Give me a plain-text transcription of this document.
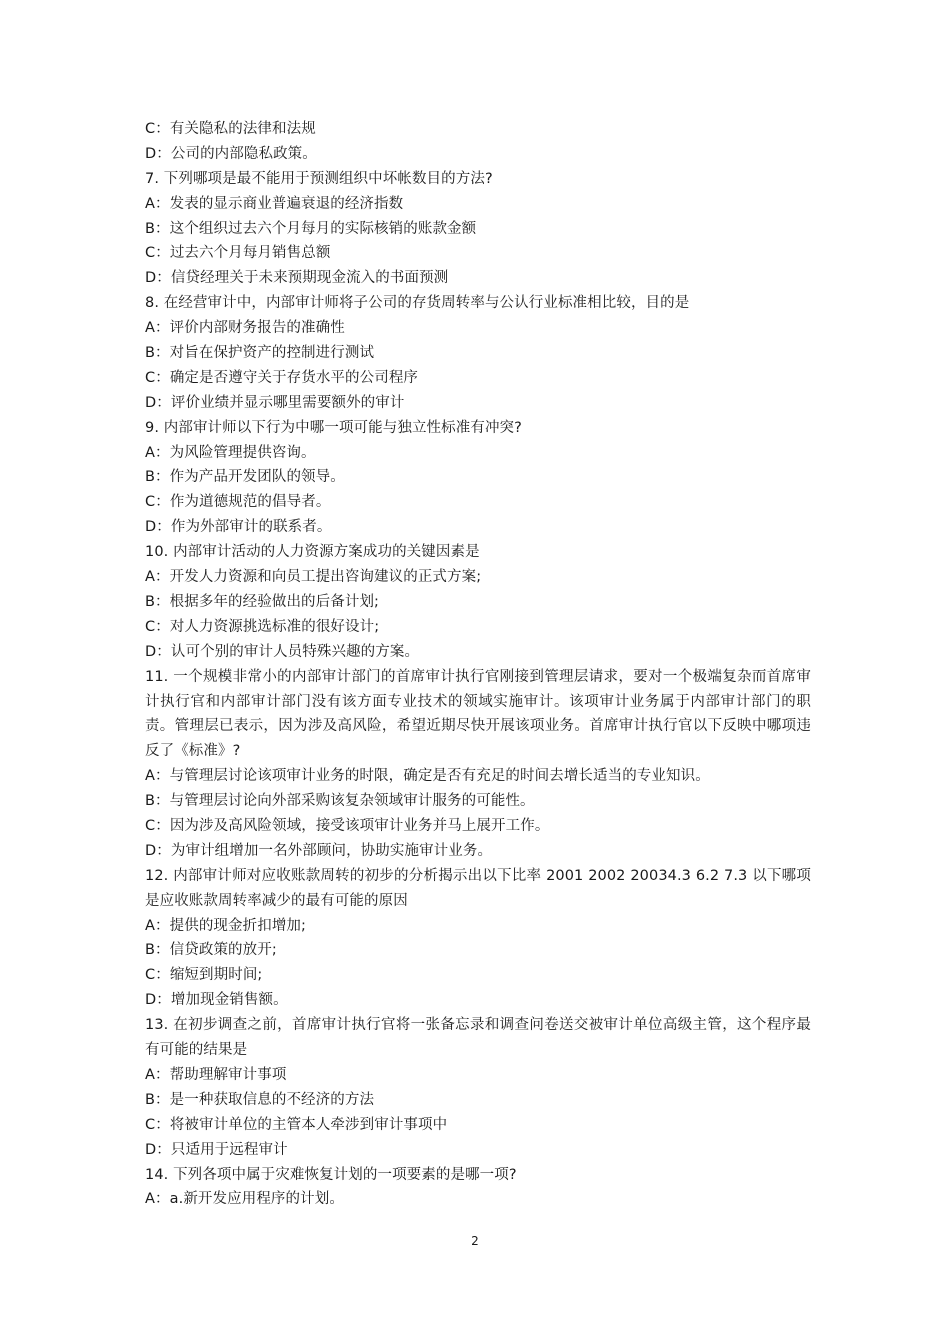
C：有关隐私的法律和法规
D：公司的内部隐私政策。
7. 下列哪项是最不能用于预测组织中坏帐数目的方法?
A：发表的显示商业普遍衰退的经济指数
B：这个组织过去六个月每月的实际核销的账款金额
C：过去六个月每月销售总额
D：信贷经理关于未来预期现金流入的书面预测
8. 在经营审计中，内部审计师将子公司的存货周转率与公认行业标准相比较，目的是
A：评价内部财务报告的准确性
B：对旨在保护资产的控制进行测试
C：确定是否遵守关于存货水平的公司程序
D：评价业绩并显示哪里需要额外的审计
9. 内部审计师以下行为中哪一项可能与独立性标准有冲突?
A：为风险管理提供咨询。
B：作为产品开发团队的领导。
C：作为道德规范的倡导者。
D：作为外部审计的联系者。
10. 内部审计活动的人力资源方案成功的关键因素是
A：开发人力资源和向员工提出咨询建议的正式方案;
B：根据多年的经验做出的后备计划;
C：对人力资源挑选标准的很好设计;
D：认可个别的审计人员特殊兴趣的方案。
11. 一个规模非常小的内部审计部门的首席审计执行官刚接到管理层请求，要对一个极端复杂而首席审计执行官和内部审计部门没有该方面专业技术的领域实施审计。该项审计业务属于内部审计部门的职责。管理层已表示，因为涉及高风险，希望近期尽快开展该项业务。首席审计执行官以下反映中哪项违反了《标准》?
A：与管理层讨论该项审计业务的时限，确定是否有充足的时间去增长适当的专业知识。
B：与管理层讨论向外部采购该复杂领域审计服务的可能性。
C：因为涉及高风险领域，接受该项审计业务并马上展开工作。
D：为审计组增加一名外部顾问，协助实施审计业务。
12. 内部审计师对应收账款周转的初步的分析揭示出以下比率 2001 2002 20034.3 6.2 7.3 以下哪项是应收账款周转率减少的最有可能的原因
A：提供的现金折扣增加;
B：信贷政策的放开;
C：缩短到期时间;
D：增加现金销售额。
13. 在初步调查之前，首席审计执行官将一张备忘录和调查问卷送交被审计单位高级主管，这个程序最有可能的结果是
A：帮助理解审计事项
B：是一种获取信息的不经济的方法
C：将被审计单位的主管本人牵涉到审计事项中
D：只适用于远程审计
14. 下列各项中属于灾难恢复计划的一项要素的是哪一项?
A：a.新开发应用程序的计划。
2
